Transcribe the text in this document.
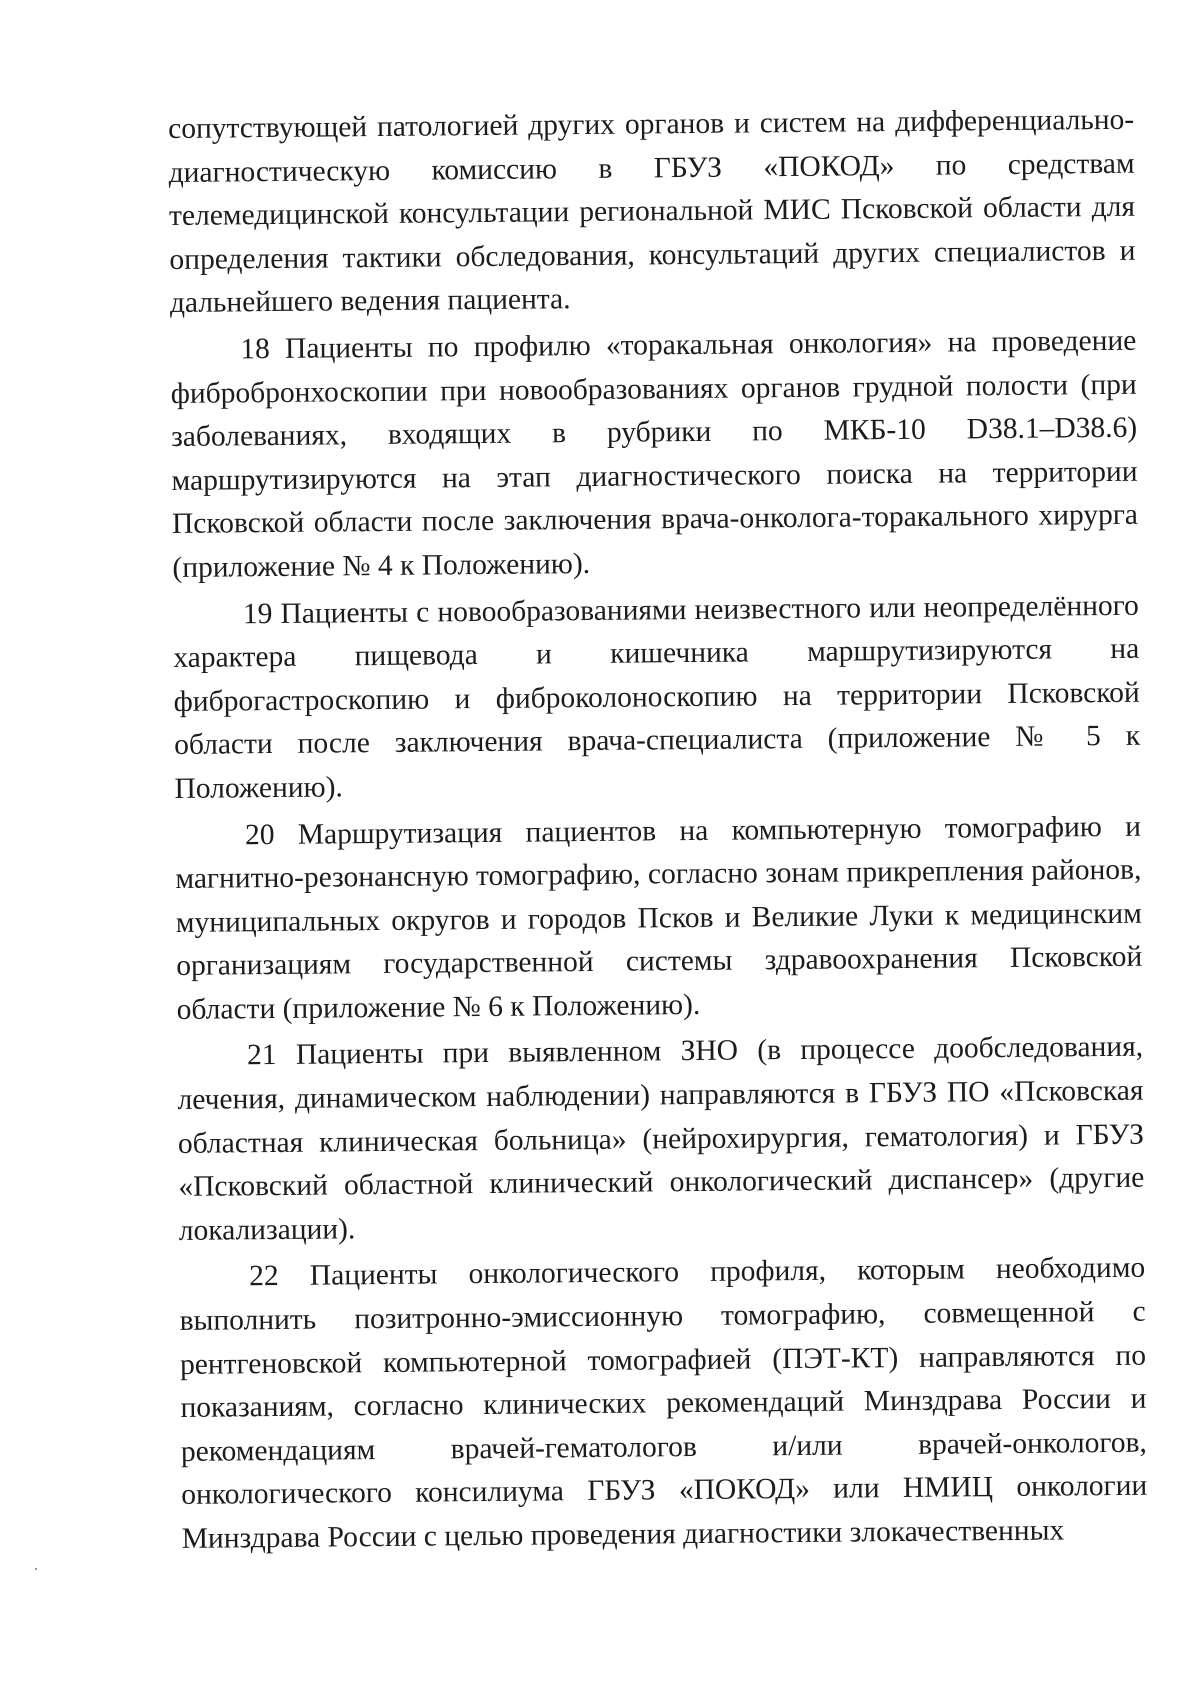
сопутствующей патологией других органов и систем на дифференциально-диагностическую комиссию в ГБУЗ «ПОКОД» по средствам телемедицинской консультации региональной МИС Псковской области для определения тактики обследования, консультаций других специалистов и дальнейшего ведения пациента.

18 Пациенты по профилю «торакальная онкология» на проведение фибробронхоскопии при новообразованиях органов грудной полости (при заболеваниях, входящих в рубрики по МКБ-10 D38.1–D38.6) маршрутизируются на этап диагностического поиска на территории Псковской области после заключения врача-онколога-торакального хирурга (приложение № 4 к Положению).

19 Пациенты с новообразованиями неизвестного или неопределённого характера пищевода и кишечника маршрутизируются на фиброгастроскопию и фиброколоноскопию на территории Псковской области после заключения врача-специалиста (приложение № 5 к Положению).

20 Маршрутизация пациентов на компьютерную томографию и магнитно-резонансную томографию, согласно зонам прикрепления районов, муниципальных округов и городов Псков и Великие Луки к медицинским организациям государственной системы здравоохранения Псковской области (приложение № 6 к Положению).

21 Пациенты при выявленном ЗНО (в процессе дообследования, лечения, динамическом наблюдении) направляются в ГБУЗ ПО «Псковская областная клиническая больница» (нейрохирургия, гематология) и ГБУЗ «Псковский областной клинический онкологический диспансер» (другие локализации).

22 Пациенты онкологического профиля, которым необходимо выполнить позитронно-эмиссионную томографию, совмещенной с рентгеновской компьютерной томографией (ПЭТ-КТ) направляются по показаниям, согласно клинических рекомендаций Минздрава России и рекомендациям врачей-гематологов и/или врачей-онкологов, онкологического консилиума ГБУЗ «ПОКОД» или НМИЦ онкологии Минздрава России с целью проведения диагностики злокачественных
